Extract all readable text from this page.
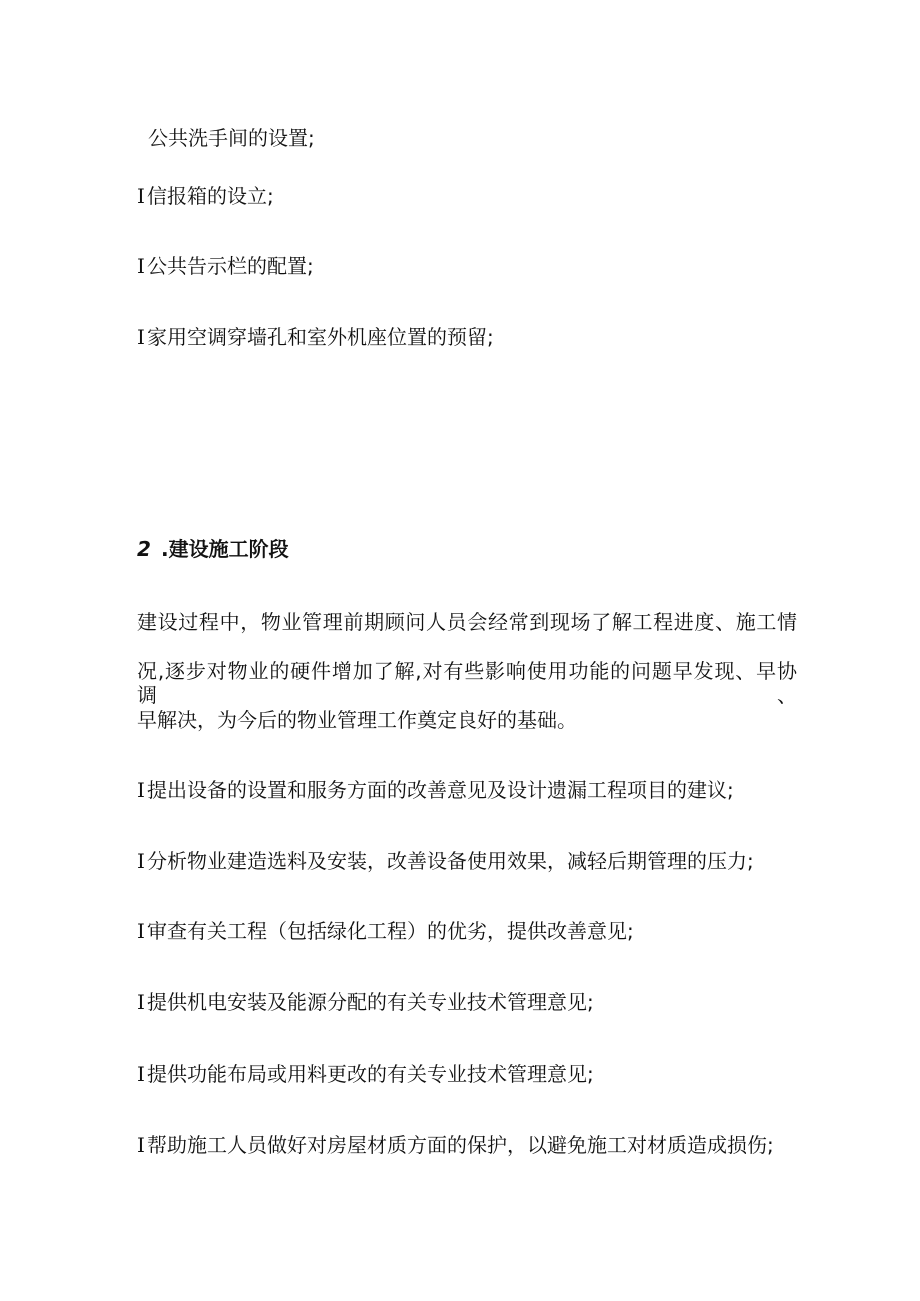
公共洗手间的设置;
I 信报箱的设立;
I 公共告示栏的配置;
I 家用空调穿墙孔和室外机座位置的预留;
2 .建设施工阶段
建设过程中，物业管理前期顾问人员会经常到现场了解工程进度、施工情
况,逐步对物业的硬件增加了解,对有些影响使用功能的问题早发现、早协调、
早解决，为今后的物业管理工作奠定良好的基础。
I 提出设备的设置和服务方面的改善意见及设计遗漏工程项目的建议;
I 分析物业建造选料及安装，改善设备使用效果，减轻后期管理的压力;
I 审查有关工程（包括绿化工程）的优劣，提供改善意见;
I 提供机电安装及能源分配的有关专业技术管理意见;
I 提供功能布局或用料更改的有关专业技术管理意见;
I 帮助施工人员做好对房屋材质方面的保护，以避免施工对材质造成损伤;
